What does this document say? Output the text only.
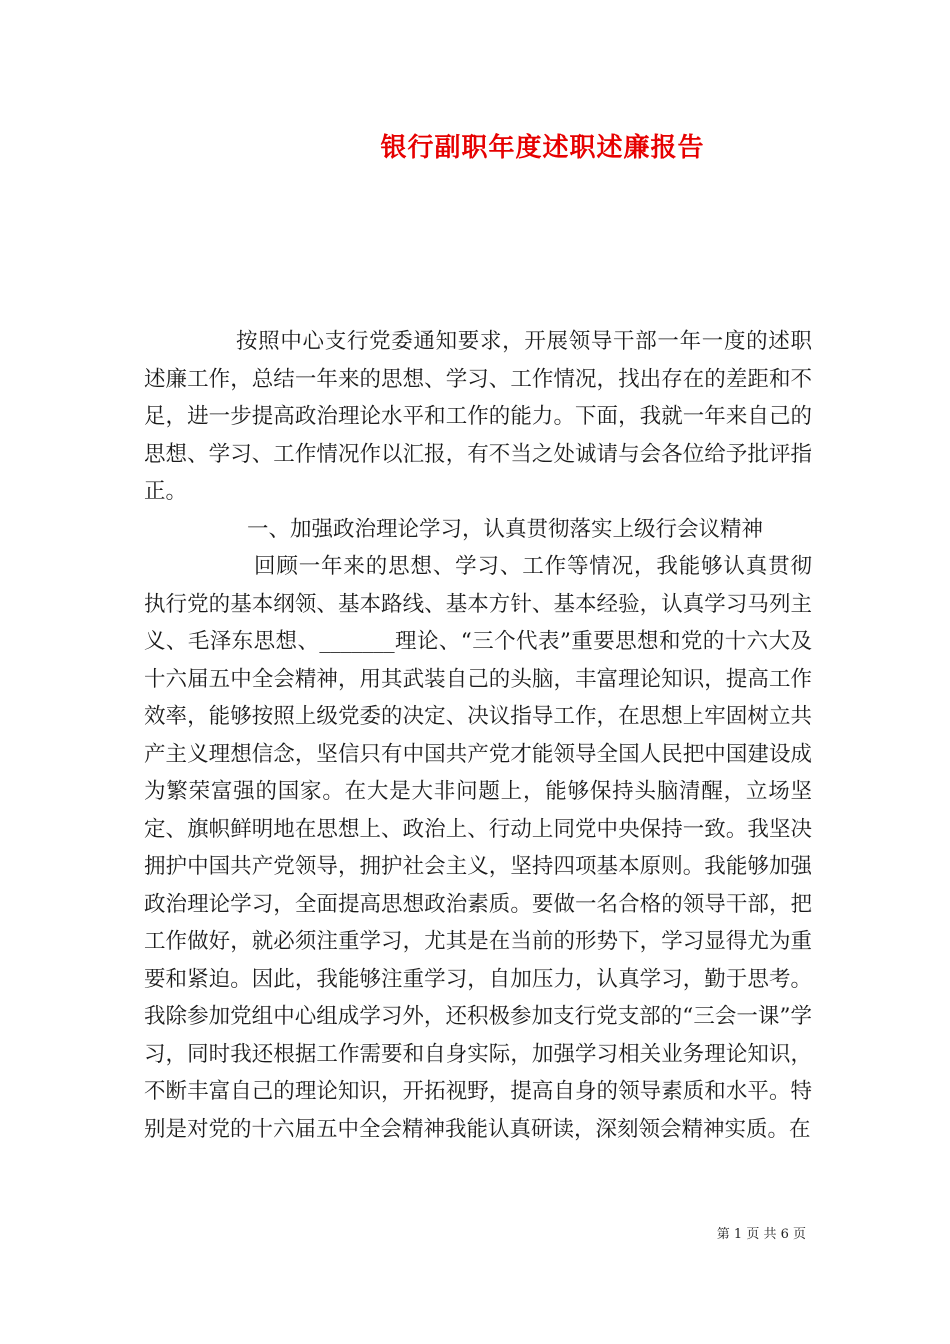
银行副职年度述职述廉报告

按照中心支行党委通知要求，开展领导干部一年一度的述职述廉工作，总结一年来的思想、学习、工作情况，找出存在的差距和不足，进一步提高政治理论水平和工作的能力。下面，我就一年来自己的思想、学习、工作情况作以汇报，有不当之处诚请与会各位给予批评指正。

一、加强政治理论学习，认真贯彻落实上级行会议精神

回顾一年来的思想、学习、工作等情况，我能够认真贯彻执行党的基本纲领、基本路线、基本方针、基本经验，认真学习马列主义、毛泽东思想、_______理论、“三个代表”重要思想和党的十六大及十六届五中全会精神，用其武装自己的头脑，丰富理论知识，提高工作效率，能够按照上级党委的决定、决议指导工作，在思想上牢固树立共产主义理想信念，坚信只有中国共产党才能领导全国人民把中国建设成为繁荣富强的国家。在大是大非问题上，能够保持头脑清醒，立场坚定、旗帜鲜明地在思想上、政治上、行动上同党中央保持一致。我坚决拥护中国共产党领导，拥护社会主义，坚持四项基本原则。我能够加强政治理论学习，全面提高思想政治素质。要做一名合格的领导干部，把工作做好，就必须注重学习，尤其是在当前的形势下，学习显得尤为重要和紧迫。因此，我能够注重学习，自加压力，认真学习，勤于思考。我除参加党组中心组成学习外，还积极参加支行党支部的“三会一课”学习，同时我还根据工作需要和自身实际，加强学习相关业务理论知识，不断丰富自己的理论知识，开拓视野，提高自身的领导素质和水平。特别是对党的十六届五中全会精神我能认真研读，深刻领会精神实质。在

第 1 页 共 6 页
